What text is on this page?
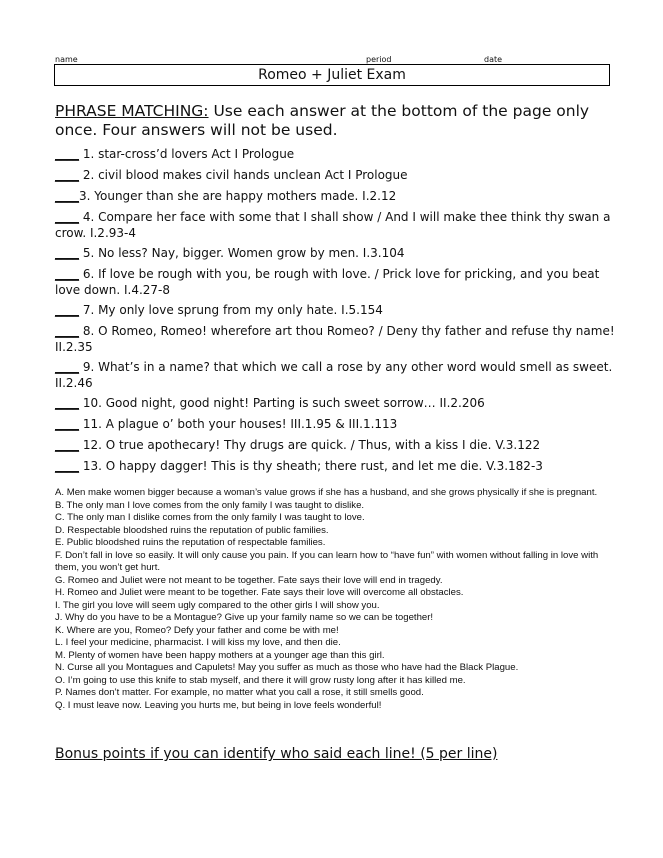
name	period	date
Romeo + Juliet Exam
PHRASE MATCHING: Use each answer at the bottom of the page only once. Four answers will not be used.
____ 1. star-cross’d lovers Act I Prologue
____ 2. civil blood makes civil hands unclean Act I Prologue
____3. Younger than she are happy mothers made. I.2.12
____ 4. Compare her face with some that I shall show / And I will make thee think thy swan a crow. I.2.93-4
____ 5. No less? Nay, bigger. Women grow by men. I.3.104
____ 6. If love be rough with you, be rough with love. / Prick love for pricking, and you beat love down. I.4.27-8
____ 7. My only love sprung from my only hate. I.5.154
____ 8. O Romeo, Romeo! wherefore art thou Romeo? / Deny thy father and refuse thy name! II.2.35
____ 9. What’s in a name? that which we call a rose by any other word would smell as sweet. II.2.46
____ 10. Good night, good night! Parting is such sweet sorrow… II.2.206
____ 11. A plague o’ both your houses! III.1.95 & III.1.113
____ 12. O true apothecary! Thy drugs are quick. / Thus, with a kiss I die. V.3.122
____ 13. O happy dagger! This is thy sheath; there rust, and let me die. V.3.182-3

A. Men make women bigger because a woman’s value grows if she has a husband, and she grows physically if she is pregnant.

B. The only man I love comes from the only family I was taught to dislike.

C. The only man I dislike comes from the only family I was taught to love.

D. Respectable bloodshed ruins the reputation of public families.

E. Public bloodshed ruins the reputation of respectable families.

F. Don’t fall in love so easily. It will only cause you pain. If you can learn how to “have fun” with women without falling in love with them, you won’t get hurt.

G. Romeo and Juliet were not meant to be together. Fate says their love will end in tragedy.

H. Romeo and Juliet were meant to be together. Fate says their love will overcome all obstacles.

I. The girl you love will seem ugly compared to the other girls I will show you.

J. Why do you have to be a Montague? Give up your family name so we can be together!

K. Where are you, Romeo? Defy your father and come be with me!

L. I feel your medicine, pharmacist. I will kiss my love, and then die.

M. Plenty of women have been happy mothers at a younger age than this girl.

N. Curse all you Montagues and Capulets! May you suffer as much as those who have had the Black Plague.

O. I’m going to use this knife to stab myself, and there it will grow rusty long after it has killed me.

P. Names don’t matter. For example, no matter what you call a rose, it still smells good.

Q. I must leave now. Leaving you hurts me, but being in love feels wonderful!

Bonus points if you can identify who said each line! (5 per line)
